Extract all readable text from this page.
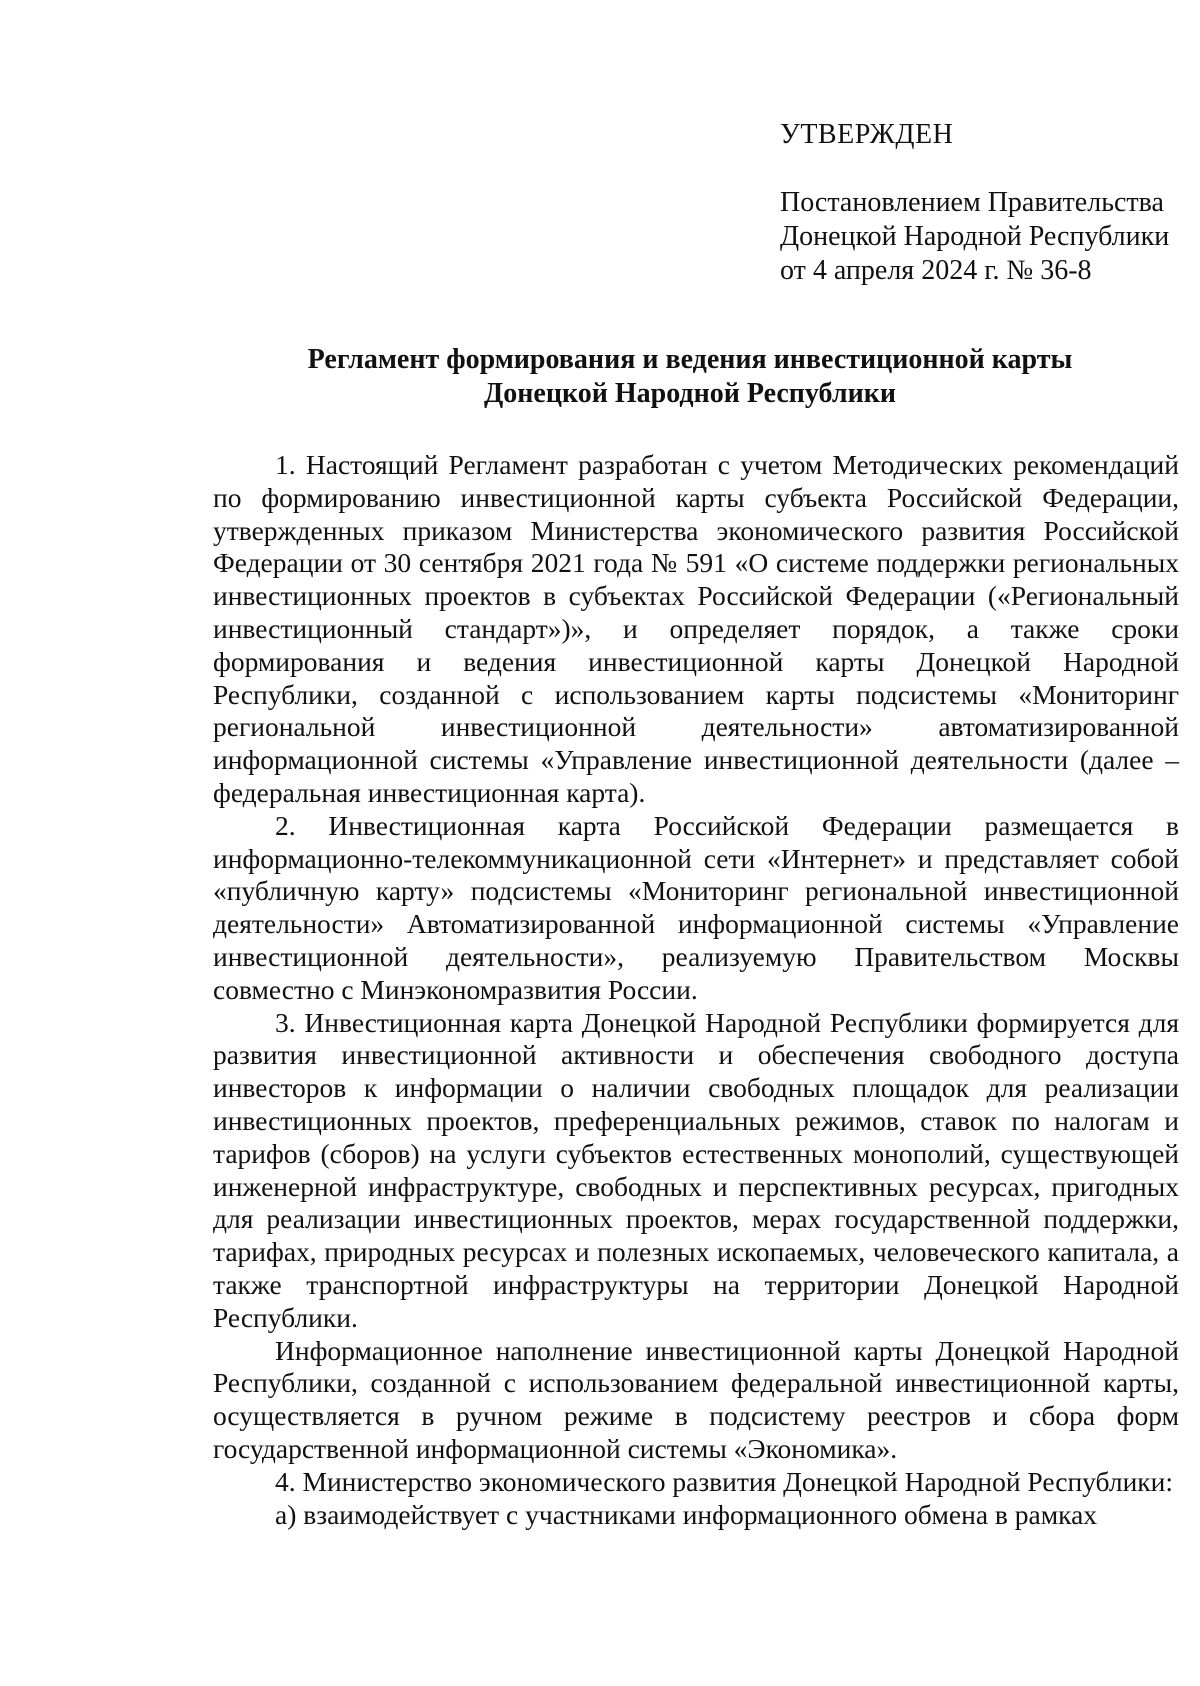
УТВЕРЖДЕН
Постановлением Правительства
Донецкой Народной Республики
от 4 апреля 2024 г. № 36-8
Регламент формирования и ведения инвестиционной карты
Донецкой Народной Республики

1. Настоящий Регламент разработан с учетом Методических рекомендаций по формированию инвестиционной карты субъекта Российской Федерации, утвержденных приказом Министерства экономического развития Российской Федерации от 30 сентября 2021 года № 591 «О системе поддержки региональных инвестиционных проектов в субъектах Российской Федерации («Региональный инвестиционный стандарт»)», и определяет порядок, а также сроки формирования и ведения инвестиционной карты Донецкой Народной Республики, созданной с использованием карты подсистемы «Мониторинг региональной инвестиционной деятельности» автоматизированной информационной системы «Управление инвестиционной деятельности (далее – федеральная инвестиционная карта).

2. Инвестиционная карта Российской Федерации размещается в информационно-телекоммуникационной сети «Интернет» и представляет собой «публичную карту» подсистемы «Мониторинг региональной инвестиционной деятельности» Автоматизированной информационной системы «Управление инвестиционной деятельности», реализуемую Правительством Москвы совместно с Минэкономразвития России.

3. Инвестиционная карта Донецкой Народной Республики формируется для развития инвестиционной активности и обеспечения свободного доступа инвесторов к информации о наличии свободных площадок для реализации инвестиционных проектов, преференциальных режимов, ставок по налогам и тарифов (сборов) на услуги субъектов естественных монополий, существующей инженерной инфраструктуре, свободных и перспективных ресурсах, пригодных для реализации инвестиционных проектов, мерах государственной поддержки, тарифах, природных ресурсах и полезных ископаемых, человеческого капитала, а также транспортной инфраструктуры на территории Донецкой Народной Республики.

Информационное наполнение инвестиционной карты Донецкой Народной Республики, созданной с использованием федеральной инвестиционной карты, осуществляется в ручном режиме в подсистему реестров и сбора форм государственной информационной системы «Экономика».

4. Министерство экономического развития Донецкой Народной Республики:

а) взаимодействует с участниками информационного обмена в рамках
